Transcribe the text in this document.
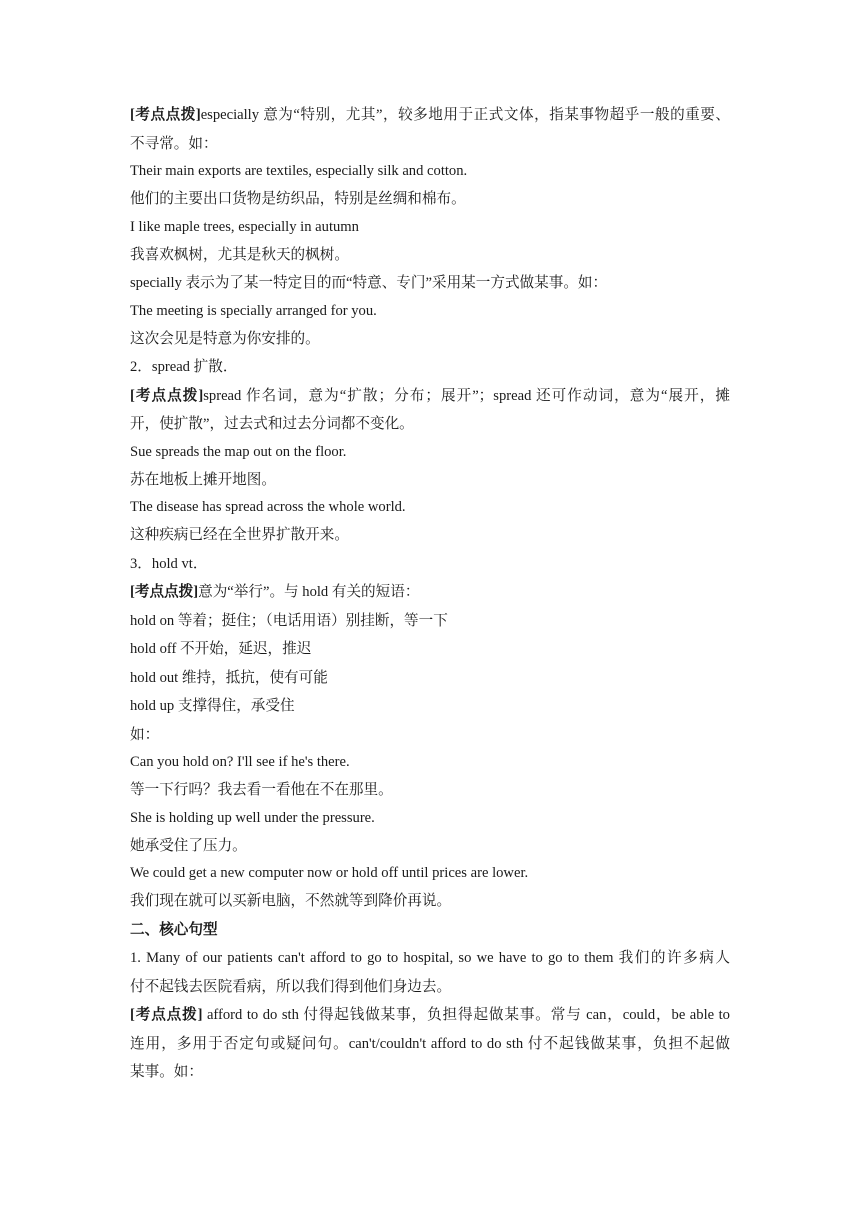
[考点点拨]especially 意为“特别，尤其”，较多地用于正式文体，指某事物超乎一般的重要、
不寻常。如：
Their main exports are textiles, especially silk and cotton.
他们的主要出口货物是纺织品，特别是丝绸和棉布。
I like maple trees, especially in autumn
我喜欢枫树，尤其是秋天的枫树。
specially 表示为了某一特定目的而“特意、专门”采用某一方式做某事。如：
The meeting is specially arranged for you.
这次会见是特意为你安排的。
2．spread 扩散．
[考点点拨]spread 作名词，意为“扩散；分布；展开”；spread 还可作动词，意为“展开，摊
开，使扩散”，过去式和过去分词都不变化。
Sue spreads the map out on the floor.
苏在地板上摊开地图。
The disease has spread across the whole world.
这种疾病已经在全世界扩散开来。
3．hold vt．
[考点点拨]意为“举行”。与 hold 有关的短语：
hold on 等着；挺住；（电话用语）别挂断，等一下
hold off 不开始，延迟，推迟
hold out 维持，抵抗，使有可能
hold up 支撑得住，承受住
如：
Can you hold on? I'll see if he's there.
等一下行吗？我去看一看他在不在那里。
She is holding up well under the pressure.
她承受住了压力。
We could get a new computer now or hold off until prices are lower.
我们现在就可以买新电脑，不然就等到降价再说。
二、核心句型
1. Many of our patients can't afford to go to hospital, so we have to go to them 我们的许多病人
付不起钱去医院看病，所以我们得到他们身边去。
[考点点拨] afford to do sth 付得起钱做某事，负担得起做某事。常与 can，could，be able to
连用，多用于否定句或疑问句。can't/couldn't afford to do sth 付不起钱做某事，负担不起做
某事。如：
